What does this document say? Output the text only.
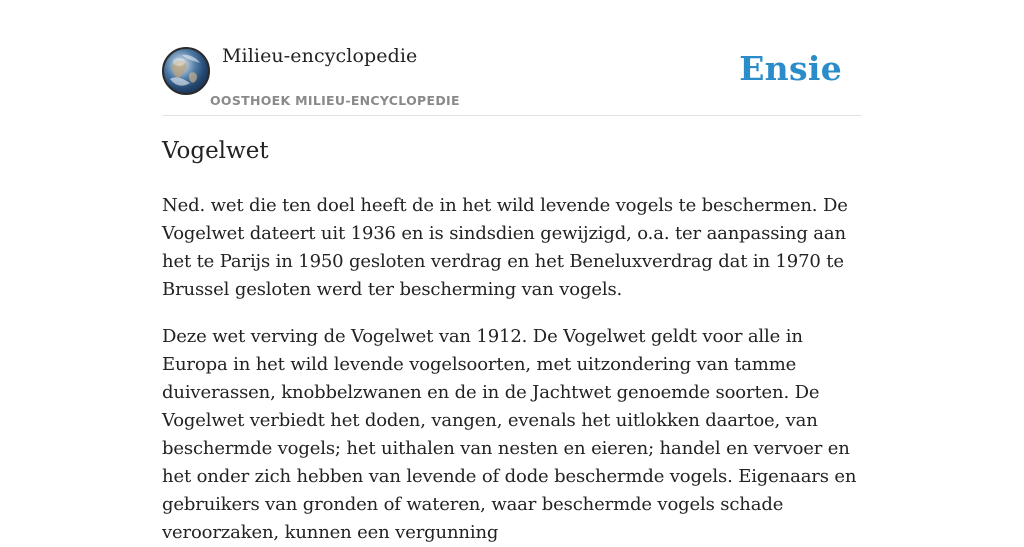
Milieu-encyclopedie
OOSTHOEK MILIEU-ENCYCLOPEDIE
Ensie
Vogelwet

Ned. wet die ten doel heeft de in het wild levende vogels te beschermen. De Vogelwet dateert uit 1936 en is sindsdien gewijzigd, o.a. ter aanpassing aan het te Parijs in 1950 gesloten verdrag en het Beneluxverdrag dat in 1970 te Brussel gesloten werd ter bescherming van vogels.

Deze wet verving de Vogelwet van 1912. De Vogelwet geldt voor alle in Europa in het wild levende vogelsoorten, met uitzondering van tamme duiverassen, knobbelzwanen en de in de Jachtwet genoemde soorten. De Vogelwet verbiedt het doden, vangen, evenals het uitlokken daartoe, van beschermde vogels; het uithalen van nesten en eieren; handel en vervoer en het onder zich hebben van levende of dode beschermde vogels. Eigenaars en gebruikers van gronden of wateren, waar beschermde vogels schade veroorzaken, kunnen een vergunning
